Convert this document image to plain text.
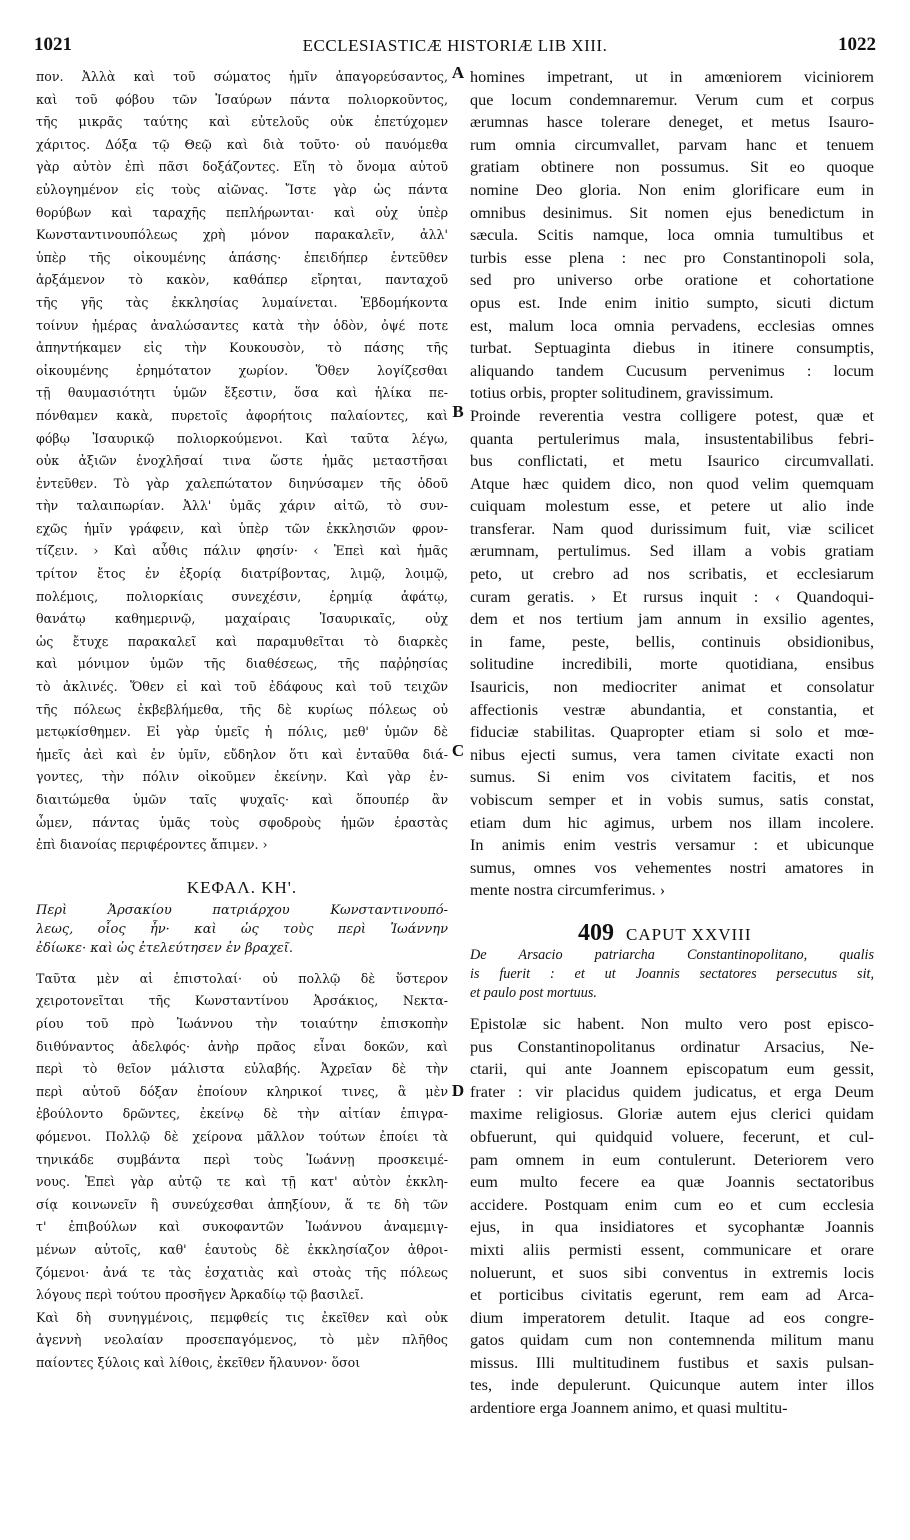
1021	ECCLESIASTICÆ HISTORIÆ LIB XIII.	1022
A
B
C
D
πον. Ἀλλὰ καὶ τοῦ σώματος ἡμῖν ἀπαγορεύσαντος,
καὶ τοῦ φόβου τῶν Ἰσαύρων πάντα πολιορκοῦντος,
τῆς μικρᾶς ταύτης καὶ εὐτελοῦς οὐκ ἐπετύχομεν
χάριτος. Δόξα τῷ Θεῷ καὶ διὰ τοῦτο· οὐ παυόμεθα
γὰρ αὐτὸν ἐπὶ πᾶσι δοξάζοντες. Εἴη τὸ ὄνομα αὐτοῦ
εὐλογημένον εἰς τοὺς αἰῶνας. Ἴστε γὰρ ὡς πάντα
θορύβων καὶ ταραχῆς πεπλήρωνται· καὶ οὐχ ὑπὲρ
Κωνσταντινουπόλεως χρὴ μόνον παρακαλεῖν, ἀλλ'
ὑπὲρ τῆς οἰκουμένης ἁπάσης· ἐπειδήπερ ἐντεῦθεν
ἀρξάμενον τὸ κακὸν, καθάπερ εἴρηται, πανταχοῦ
τῆς γῆς τὰς ἐκκλησίας λυμαίνεται. Ἑβδομήκοντα
τοίνυν ἡμέρας ἀναλώσαντες κατὰ τὴν ὁδὸν, ὀψέ ποτε
ἀπηντήκαμεν εἰς τὴν Κουκουσὸν, τὸ πάσης τῆς
οἰκουμένης ἐρημότατον χωρίον. Ὅθεν λογίζεσθαι
τῇ θαυμασιότητι ὑμῶν ἔξεστιν, ὅσα καὶ ἡλίκα πε-
πόνθαμεν κακὰ, πυρετοῖς ἀφορήτοις παλαίοντες, καὶ
φόβῳ Ἰσαυρικῷ πολιορκούμενοι. Καὶ ταῦτα λέγω,
οὐκ ἀξιῶν ἐνοχλῆσαί τινα ὥστε ἡμᾶς μεταστῆσαι
ἐντεῦθεν. Τὸ γὰρ χαλεπώτατον διηνύσαμεν τῆς ὁδοῦ
τὴν ταλαιπωρίαν. Ἀλλ' ὑμᾶς χάριν αἰτῶ, τὸ συν-
εχῶς ἡμῖν γράφειν, καὶ ὑπὲρ τῶν ἐκκλησιῶν φρον-
τίζειν. › Καὶ αὖθις πάλιν φησίν· ‹ Ἐπεὶ καὶ ἡμᾶς
τρίτον ἔτος ἐν ἐξορίᾳ διατρίβοντας, λιμῷ, λοιμῷ,
πολέμοις, πολιορκίαις συνεχέσιν, ἐρημίᾳ ἀφάτῳ,
θανάτῳ καθημερινῷ, μαχαίραις Ἰσαυρικαῖς, οὐχ
ὡς ἔτυχε παρακαλεῖ καὶ παραμυθεῖται τὸ διαρκὲς
καὶ μόνιμον ὑμῶν τῆς διαθέσεως, τῆς παῤῥησίας
τὸ ἀκλινές. Ὅθεν εἰ καὶ τοῦ ἐδάφους καὶ τοῦ τειχῶν
τῆς πόλεως ἐκβεβλήμεθα, τῆς δὲ κυρίως πόλεως οὐ
μετῳκίσθημεν. Εἰ γὰρ ὑμεῖς ἡ πόλις, μεθ' ὑμῶν δὲ
ἡμεῖς ἀεὶ καὶ ἐν ὑμῖν, εὔδηλον ὅτι καὶ ἐνταῦθα διά-
γοντες, τὴν πόλιν οἰκοῦμεν ἐκείνην. Καὶ γὰρ ἐν-
διαιτώμεθα ὑμῶν ταῖς ψυχαῖς· καὶ ὅπουπέρ ἂν
ὦμεν, πάντας ὑμᾶς τοὺς σφοδροὺς ἡμῶν ἐραστὰς
ἐπὶ διανοίας περιφέροντες ἄπιμεν. ›
ΚΕΦΑΛ. ΚΗ'.
Περὶ Ἀρσακίου πατριάρχου Κωνσταντινουπό-
λεως, οἷος ἦν· καὶ ὡς τοὺς περὶ Ἰωάννην
ἐδίωκε· καὶ ὡς ἐτελεύτησεν ἐν βραχεῖ.
Ταῦτα μὲν αἱ ἐπιστολαί· οὐ πολλῷ δὲ ὕστερον
χειροτονεῖται τῆς Κωνσταντίνου Ἀρσάκιος, Νεκτα-
ρίου τοῦ πρὸ Ἰωάννου τὴν τοιαύτην ἐπισκοπὴν
διιθύναντος ἀδελφός· ἀνὴρ πρᾶος εἶναι δοκῶν, καὶ
περὶ τὸ θεῖον μάλιστα εὐλαβής. Ἀχρεῖαν δὲ τὴν
περὶ αὐτοῦ δόξαν ἐποίουν κληρικοί τινες, ἃ μὲν
ἐβούλοντο δρῶντες, ἐκείνῳ δὲ τὴν αἰτίαν ἐπιγρα-
φόμενοι. Πολλῷ δὲ χείρονα μᾶλλον τούτων ἐποίει τὰ
τηνικάδε συμβάντα περὶ τοὺς Ἰωάννῃ προσκειμέ-
νους. Ἐπεὶ γὰρ αὐτῷ τε καὶ τῇ κατ' αὐτὸν ἐκκλη-
σίᾳ κοινωνεῖν ἢ συνεύχεσθαι ἀπηξίουν, ἅ τε δὴ τῶν
τ' ἐπιβούλων καὶ συκοφαντῶν Ἰωάννου ἀναμεμιγ-
μένων αὐτοῖς, καθ' ἑαυτοὺς δὲ ἐκκλησίαζον ἀθροι-
ζόμενοι· ἀνά τε τὰς ἐσχατιὰς καὶ στοὰς τῆς πόλεως
λόγους περὶ τούτου προσῆγεν Ἀρκαδίῳ τῷ βασιλεῖ.
Καὶ δὴ συνηγμένοις, πεμφθείς τις ἐκεῖθεν καὶ οὐκ
ἀγεννὴ νεολαίαν προσεπαγόμενος, τὸ μὲν πλῆθος
παίοντες ξύλοις καὶ λίθοις, ἐκεῖθεν ἤλαυνον· ὅσοι
homines impetrant, ut in amœniorem viciniorem
que locum condemnaremur. Verum cum et corpus
ærumnas hasce tolerare deneget, et metus Isauro-
rum omnia circumvallet, parvam hanc et tenuem
gratiam obtinere non possumus. Sit eo quoque
nomine Deo gloria. Non enim glorificare eum in
omnibus desinimus. Sit nomen ejus benedictum in
sæcula. Scitis namque, loca omnia tumultibus et
turbis esse plena : nec pro Constantinopoli sola,
sed pro universo orbe oratione et cohortatione
opus est. Inde enim initio sumpto, sicuti dictum
est, malum loca omnia pervadens, ecclesias omnes
turbat. Septuaginta diebus in itinere consumptis,
aliquando tandem Cucusum pervenimus : locum
totius orbis, propter solitudinem, gravissimum.
Proinde reverentia vestra colligere potest, quæ et
quanta pertulerimus mala, insustentabilibus febri-
bus conflictati, et metu Isaurico circumvallati.
Atque hæc quidem dico, non quod velim quemquam
cuiquam molestum esse, et petere ut alio inde
transferar. Nam quod durissimum fuit, viæ scilicet
ærumnam, pertulimus. Sed illam a vobis gratiam
peto, ut crebro ad nos scribatis, et ecclesiarum
curam geratis. › Et rursus inquit : ‹ Quandoqui-
dem et nos tertium jam annum in exsilio agentes,
in fame, peste, bellis, continuis obsidionibus,
solitudine incredibili, morte quotidiana, ensibus
Isauricis, non mediocriter animat et consolatur
affectionis vestræ abundantia, et constantia, et
fiduciæ stabilitas. Quapropter etiam si solo et mœ-
nibus ejecti sumus, vera tamen civitate exacti non
sumus. Si enim vos civitatem facitis, et nos
vobiscum semper et in vobis sumus, satis constat,
etiam dum hic agimus, urbem nos illam incolere.
In animis enim vestris versamur : et ubicunque
sumus, omnes vos vehementes nostri amatores in
mente nostra circumferimus. ›
409 CAPUT XXVIII
De Arsacio patriarcha Constantinopolitano, qualis
is fuerit : et ut Joannis sectatores persecutus sit,
et paulo post mortuus.
Epistolæ sic habent. Non multo vero post episco-
pus Constantinopolitanus ordinatur Arsacius, Ne-
ctarii, qui ante Joannem episcopatum eum gessit,
frater : vir placidus quidem judicatus, et erga Deum
maxime religiosus. Gloriæ autem ejus clerici quidam
obfuerunt, qui quidquid voluere, fecerunt, et cul-
pam omnem in eum contulerunt. Deteriorem vero
eum multo fecere ea quæ Joannis sectatoribus
accidere. Postquam enim cum eo et cum ecclesia
ejus, in qua insidiatores et sycophantæ Joannis
mixti aliis permisti essent, communicare et orare
noluerunt, et suos sibi conventus in extremis locis
et porticibus civitatis egerunt, rem eam ad Arca-
dium imperatorem detulit. Itaque ad eos congre-
gatos quidam cum non contemnenda militum manu
missus. Illi multitudinem fustibus et saxis pulsan-
tes, inde depulerunt. Quicunque autem inter illos
ardentiore erga Joannem animo, et quasi multitu-
